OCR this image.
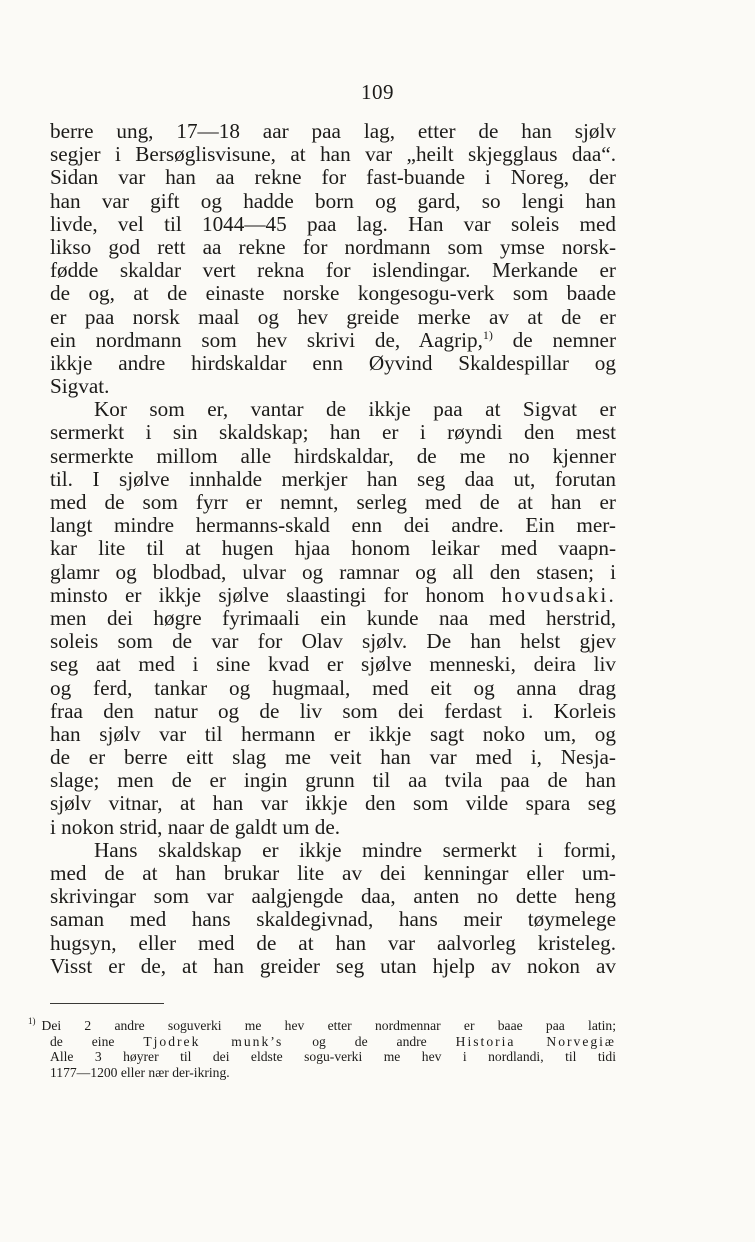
109
berre ung, 17—18 aar paa lag, etter de han sjølv
segjer i Bersøglisvisune, at han var „heilt skjegglaus daa“.
Sidan var han aa rekne for fast-buande i Noreg, der
han var gift og hadde born og gard, so lengi han
livde, vel til 1044—45 paa lag. Han var soleis med
likso god rett aa rekne for nordmann som ymse norsk-
fødde skaldar vert rekna for islendingar. Merkande er
de og, at de einaste norske kongesogu-verk som baade
er paa norsk maal og hev greide merke av at de er
ein nordmann som hev skrivi de, Aagrip,$^{1)}$ de nemner
ikkje andre hirdskaldar enn Øyvind Skaldespillar og
Sigvat.
Kor som er, vantar de ikkje paa at Sigvat er
sermerkt i sin skaldskap; han er i røyndi den mest
sermerkte millom alle hirdskaldar, de me no kjenner
til. I sjølve innhalde merkjer han seg daa ut, forutan
med de som fyrr er nemnt, serleg med de at han er
langt mindre hermanns-skald enn dei andre. Ein mer-
kar lite til at hugen hjaa honom leikar med vaapn-
glamr og blodbad, ulvar og ramnar og all den stasen; i
minsto er ikkje sjølve slaastingi for honom hovudsaki.
men dei høgre fyrimaali ein kunde naa med herstrid,
soleis som de var for Olav sjølv. De han helst gjev
seg aat med i sine kvad er sjølve menneski, deira liv
og ferd, tankar og hugmaal, med eit og anna drag
fraa den natur og de liv som dei ferdast i. Korleis
han sjølv var til hermann er ikkje sagt noko um, og
de er berre eitt slag me veit han var med i, Nesja-
slage; men de er ingin grunn til aa tvila paa de han
sjølv vitnar, at han var ikkje den som vilde spara seg
i nokon strid, naar de galdt um de.
Hans skaldskap er ikkje mindre sermerkt i formi,
med de at han brukar lite av dei kenningar eller um-
skrivingar som var aalgjengde daa, anten no dette heng
saman med hans skaldegivnad, hans meir tøymelege
hugsyn, eller med de at han var aalvorleg kristeleg.
Visst er de, at han greider seg utan hjelp av nokon av
$^{1)}$ Dei 2 andre soguverki me hev etter nordmennar er baae paa latin;
de eine Tjodrek munk’s og de andre Historia Norvegiæ
Alle 3 høyrer til dei eldste sogu-verki me hev i nordlandi, til tidi
1177—1200 eller nær der-ikring.
